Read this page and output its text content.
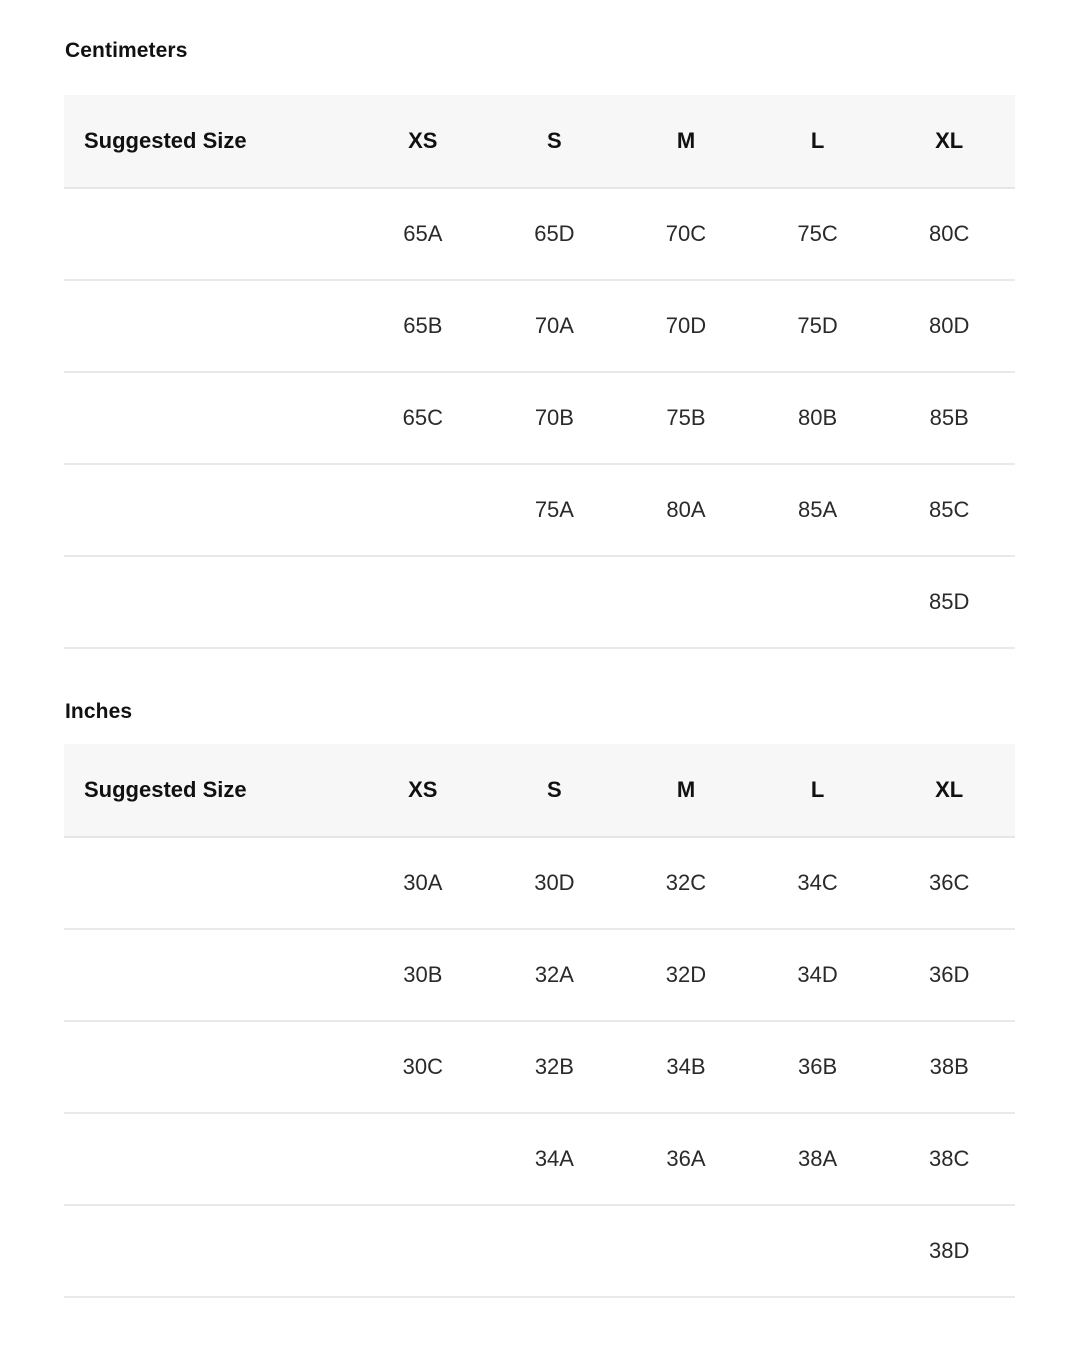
Centimeters
Suggested Size	XS	S	M	L	XL
	65A	65D	70C	75C	80C
	65B	70A	70D	75D	80D
	65C	70B	75B	80B	85B
		75A	80A	85A	85C
					85D
Inches
Suggested Size	XS	S	M	L	XL
	30A	30D	32C	34C	36C
	30B	32A	32D	34D	36D
	30C	32B	34B	36B	38B
		34A	36A	38A	38C
					38D
